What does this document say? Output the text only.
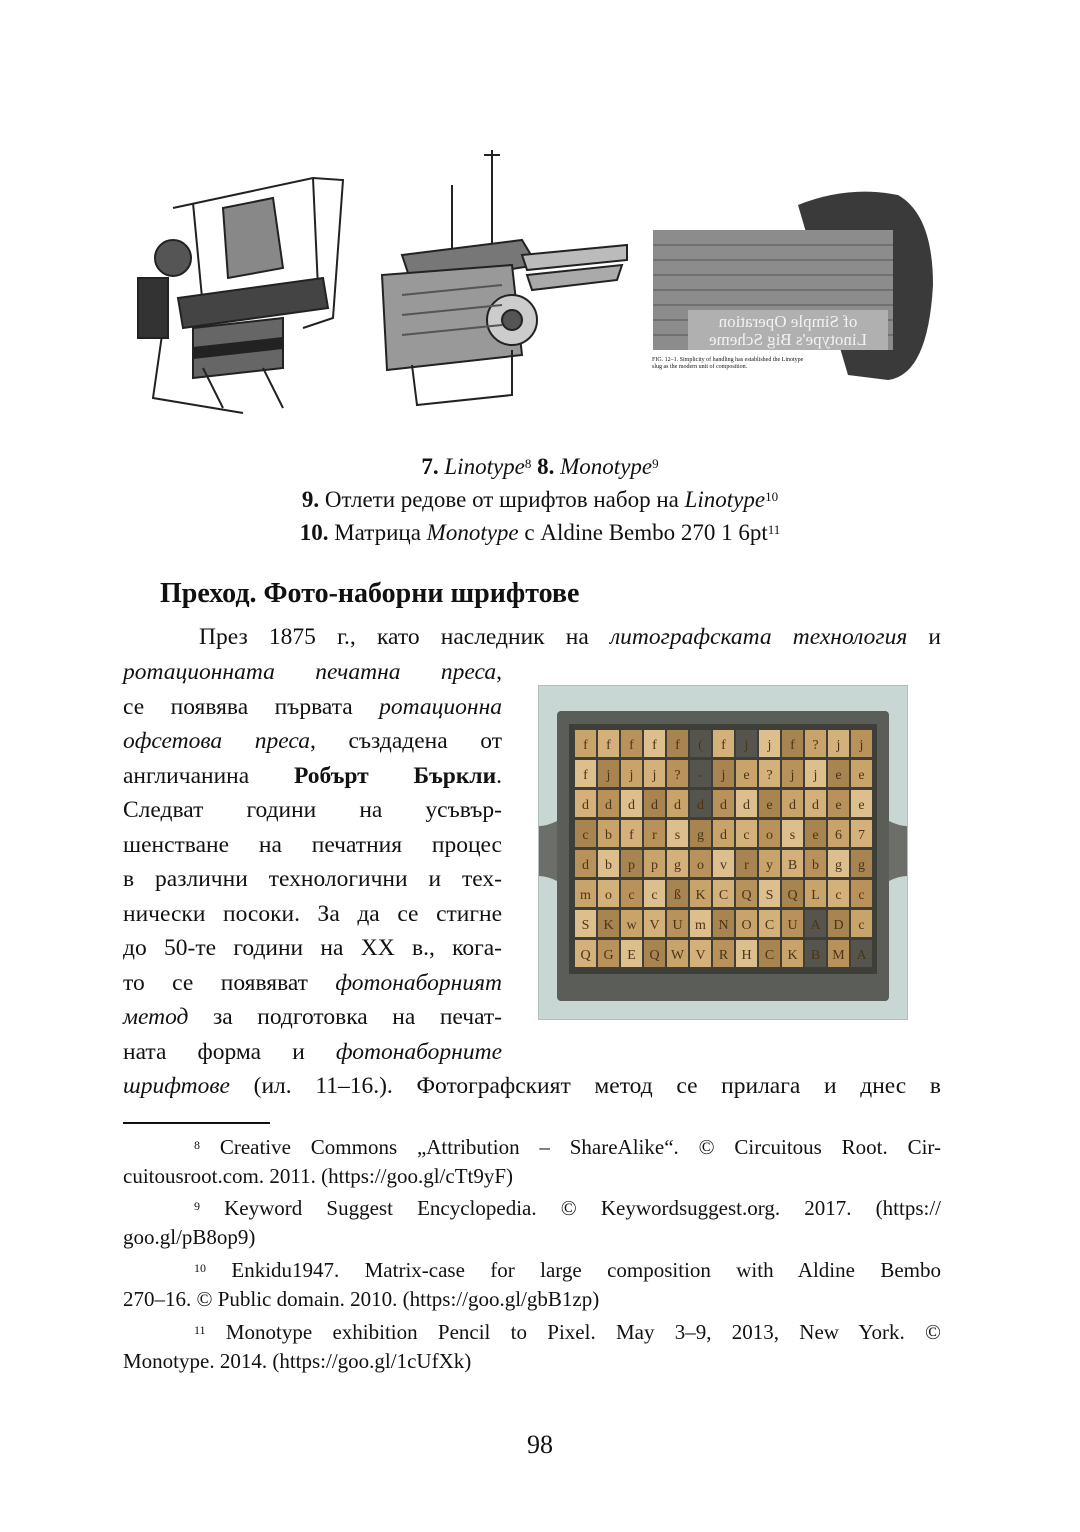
of Simple Operation
Linotype's Big Scheme
FIG. 12–1. Simplicity of handling has established the Linotype slug as the modern unit of composition.
7. Linotype$^8$ 8. Monotype$^9$
9. Отлети редове от шрифтов набор на Linotype$^{10}$
10. Матрица Monotype с Aldine Bembo 270 1 $6pt^{11}$
Преход. Фото-наборни шрифтове
През 1875 г., като наследник на литографската технология и
ротационната печатна преса,
се появява първата ротационна
офсетова преса, създадена от
англичанина Робърт Бъркли.
Следват години на усъвър-
шенстване на печатния процес
в различни технологични и тех-
нически посоки. За да се стигне
до 50-те години на XX в., кога-
то се появяват фотонаборният
метод за подготовка на печат-
ната форма и фотонаборните
шрифтове (ил. 11–16.). Фотографският метод се прилага и днес в
f f f f f ( f j j f ? j j
f j j j ? - j e ? j j e e
d d d d d d d d e d d e e
c b f r s g d c o s e 6 7
d b p p g o v r y B b g g
m o c c ß K C Q S Q L c c
S K w V U m N O C U A D c
Q G E Q W V R H C K B M A
$^8$ Creative Commons „Attribution – ShareAlike“. © Circuitous Root. Cir-
cuitousroot.com. 2011. (https://goo.gl/cTt9yF)
$^9$ Keyword Suggest Encyclopedia. © Keywordsuggest.org. 2017. (https://
goo.gl/pB8op9)
$^{10}$ Enkidu1947. Matrix-case for large composition with Aldine Bembo
270–16. © Public domain. 2010. (https://goo.gl/gbB1zp)
$^{11}$ Monotype exhibition Pencil to Pixel. May 3–9, 2013, New York. ©
Monotype. 2014. (https://goo.gl/1cUfXk)
98
